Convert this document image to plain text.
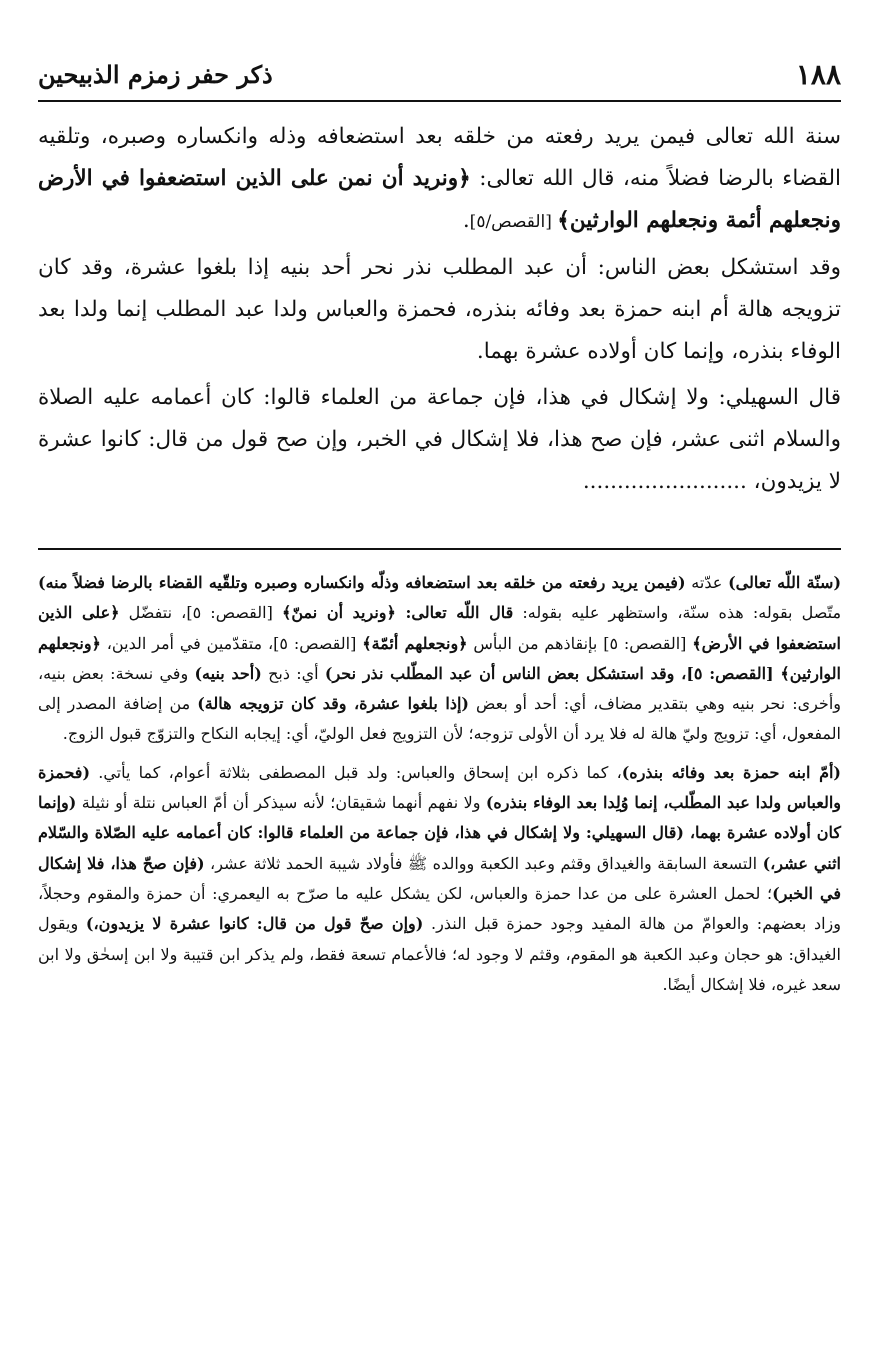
١٨٨
ذكر حفر زمزم الذبيحين

سنة الله تعالى فيمن يريد رفعته من خلقه بعد استضعافه وذله وانكساره وصبره، وتلقيه القضاء بالرضا فضلاً منه، قال الله تعالى: ﴿ونريد أن نمن على الذين استضعفوا في الأرض ونجعلهم أئمة ونجعلهم الوارثين﴾ [القصص/٥].

وقد استشكل بعض الناس: أن عبد المطلب نذر نحر أحد بنيه إذا بلغوا عشرة، وقد كان تزويجه هالة أم ابنه حمزة بعد وفائه بنذره، فحمزة والعباس ولدا عبد المطلب إنما ولدا بعد الوفاء بنذره، وإنما كان أولاده عشرة بهما.

قال السهيلي: ولا إشكال في هذا، فإن جماعة من العلماء قالوا: كان أعمامه عليه الصلاة والسلام اثنى عشر، فإن صح هذا، فلا إشكال في الخبر، وإن صح قول من قال: كانوا عشرة لا يزيدون، ........................

(سنّة اللّه تعالى) عدّته (فيمن يريد رفعته من خلقه بعد استضعافه وذلّه وانكساره وصبره وتلقّيه القضاء بالرضا فضلاً منه) متّصل بقوله: هذه سنّة، واستظهر عليه بقوله: قال اللّه تعالى: ﴿ونريد أن نمنّ﴾ [القصص: ٥]، نتفضّل ﴿على الذين استضعفوا في الأرض﴾ [القصص: ٥] بإنقاذهم من البأس ﴿ونجعلهم أئمّة﴾ [القصص: ٥]، متقدّمين في أمر الدين، ﴿ونجعلهم الوارثين﴾ [القصص: ٥]، وقد استشكل بعض الناس أن عبد المطّلب نذر نحر) أي: ذبح (أحد بنيه) وفي نسخة: بعض بنيه، وأخرى: نحر بنيه وهي بتقدير مضاف، أي: أحد أو بعض (إذا بلغوا عشرة، وقد كان تزويجه هالة) من إضافة المصدر إلى المفعول، أي: تزويج وليّ هالة له فلا يرد أن الأولى تزوجه؛ لأن التزويج فعل الوليّ، أي: إيجابه النكاح والتزوّج قبول الزوج.

(أمّ ابنه حمزة بعد وفائه بنذره)، كما ذكره ابن إسحاق والعباس: ولد قبل المصطفى بثلاثة أعوام، كما يأتي. (فحمزة والعباس ولدا عبد المطّلب، إنما وُلِدا بعد الوفاء بنذره) ولا نفهم أنهما شقيقان؛ لأنه سيذكر أن أمّ العباس نتلة أو نثيلة (وإنما كان أولاده عشرة بهما، (قال السهيلي: ولا إشكال في هذا، فإن جماعة من العلماء قالوا: كان أعمامه عليه الصّلاة والسّلام اثني عشر،) التسعة السابقة والغيداق وقثم وعبد الكعبة ووالده ﷺ فأولاد شيبة الحمد ثلاثة عشر، (فإن صحّ هذا، فلا إشكال في الخبر)؛ لحمل العشرة على من عدا حمزة والعباس، لكن يشكل عليه ما صرّح به اليعمري: أن حمزة والمقوم وحجلاً، وزاد بعضهم: والعوامّ من هالة المفيد وجود حمزة قبل النذر. (وإن صحّ قول من قال: كانوا عشرة لا يزيدون،) ويقول الغيداق: هو حجان وعبد الكعبة هو المقوم، وقثم لا وجود له؛ فالأعمام تسعة فقط، ولم يذكر ابن قتيبة ولا ابن إسحٰق ولا ابن سعد غيره، فلا إشكال أيضًا.
